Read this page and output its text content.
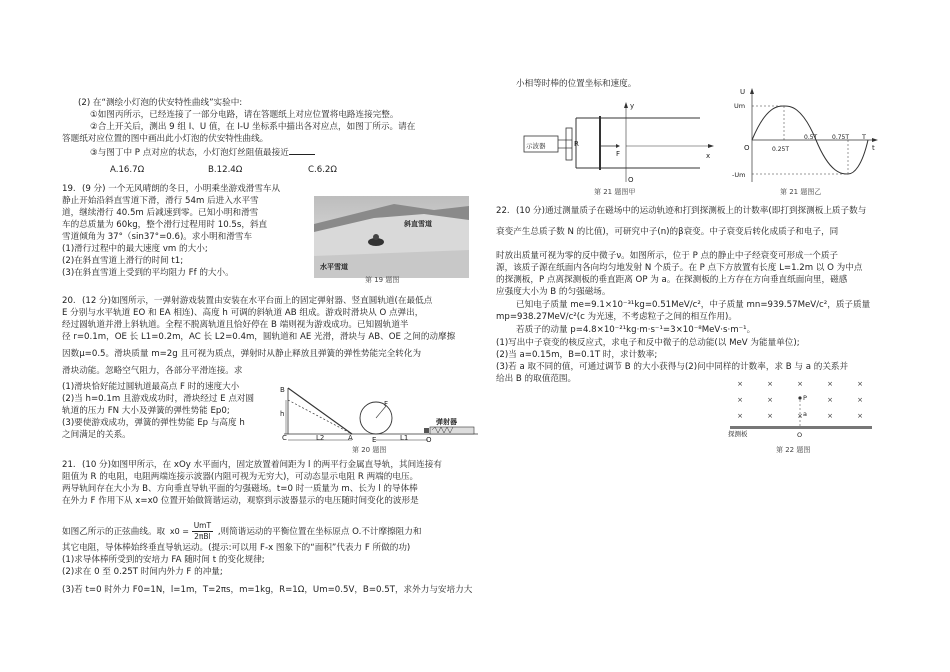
(2) 在“测绘小灯泡的伏安特性曲线”实验中:
①如图丙所示，已经连接了一部分电路，请在答题纸上对应位置将电路连接完整。
②合上开关后，测出 9 组 I、U 值，在 I-U 坐标系中描出各对应点，如图丁所示。请在
答题纸对应位置的图中画出此小灯泡的伏安特性曲线。
③与图丁中 P 点对应的状态，小灯泡灯丝阻值最接近
A.16.7Ω	B.12.4Ω	C.6.2Ω
19. (9 分) 一个无风晴朗的冬日，小明乘坐游戏滑雪车从
静止开始沿斜直雪道下滑，滑行 54m 后进入水平雪
道，继续滑行 40.5m 后减速到零。已知小明和滑雪
车的总质量为 60kg，整个滑行过程用时 10.5s，斜直
雪道倾角为 37°（sin37°=0.6)。求小明和滑雪车
(1)滑行过程中的最大速度 vm 的大小;
(2)在斜直雪道上滑行的时间 t1;
(3)在斜直雪道上受到的平均阻力 Ff 的大小。
斜直雪道
水平雪道
第 19 题图
20. (12 分)如图所示，一弹射游戏装置由安装在水平台面上的固定弹射器、竖直圆轨道(在最低点
E 分别与水平轨道 EO 和 EA 相连)、高度 h 可调的斜轨道 AB 组成。游戏时滑块从 O 点弹出，
经过圆轨道并滑上斜轨道。全程不脱离轨道且恰好停在 B 端则视为游戏成功。已知圆轨道半
径 r=0.1m，OE 长 L1=0.2m，AC 长 L2=0.4m，圆轨道和 AE 光滑，滑块与 AB、OE 之间的动摩擦
因数μ=0.5。滑块质量 m=2g 且可视为质点，弹射时从静止释放且弹簧的弹性势能完全转化为
滑块动能。忽略空气阻力，各部分平滑连接。求
(1)滑块恰好能过圆轨道最高点 F 时的速度大小
(2)当 h=0.1m 且游戏成功时，滑块经过 E 点对圆
轨道的压力 FN 大小及弹簧的弹性势能 Ep0;
(3)要使游戏成功，弹簧的弹性势能 Ep 与高度 h
之间满足的关系。
B
h
C	L2	A	E	L1	O
F
弹射器
第 20 题图
21. (10 分)如图甲所示，在 xOy 水平面内，固定放置着间距为 l 的两平行金属直导轨，其间连接有
阻值为 R 的电阻，电阻两端连接示波器(内阻可视为无穷大)，可动态显示电阻 R 两端的电压。
两导轨间存在大小为 B、方向垂直导轨平面的匀强磁场。t=0 时一质量为 m、长为 l 的导体棒
在外力 F 作用下从 x=x0 位置开始做简谐运动，观察到示波器显示的电压随时间变化的波形是
如图乙所示的正弦曲线。取 x0 =
UmT
2πBl ,则简谐运动的平衡位置在坐标原点 O.不计摩擦阻力和
其它电阻，导体棒始终垂直导轨运动。(提示:可以用 F-x 图象下的“面积”代表力 F 所做的功)
(1)求导体棒所受到的安培力 FA 随时间 t 的变化规律;
(2)求在 0 至 0.25T 时间内外力 F 的冲量;
(3)若 t=0 时外力 F0=1N，l=1m，T=2πs，m=1kg，R=1Ω，Um=0.5V，B=0.5T，求外力与安培力大
小相等时棒的位置坐标和速度。
示波器	R
F
y
x
O
第 21 题图甲
U
Um
-Um
O	0.25T
0.5T 0.75T T
t
第 21 题图乙
22. (10 分)通过测量质子在磁场中的运动轨迹和打到探测板上的计数率(即打到探测板上质子数与
衰变产生总质子数 N 的比值)，可研究中子(n)的β衰变。中子衰变后转化成质子和电子，同
时放出质量可视为零的反中微子ν。如图所示，位于 P 点的静止中子经衰变可形成一个质子
源，该质子源在纸面内各向均匀地发射 N 个质子。在 P 点下方放置有长度 L=1.2m 以 O 为中点
的探测板，P 点离探测板的垂直距离 OP 为 a。在探测板的上方存在方向垂直纸面向里，磁感
应强度大小为 B 的匀强磁场。
已知电子质量 me=9.1×10⁻³¹kg=0.51MeV/c²，中子质量 mn=939.57MeV/c²，质子质量
mp=938.27MeV/c²(c 为光速，不考虑粒子之间的相互作用)。
若质子的动量 p=4.8×10⁻²¹kg·m·s⁻¹=3×10⁻⁸MeV·s·m⁻¹。
(1)写出中子衰变的核反应式，求电子和反中微子的总动能(以 MeV 为能量单位);
(2)当 a=0.15m，B=0.1T 时，求计数率;
(3)若 a 取不同的值，可通过调节 B 的大小获得与(2)问中同样的计数率，求 B 与 a 的关系并
给出 B 的取值范围。	×	×	×	×	×
×	×	×	×
×	×	×	×	×
P
a
O
探测板
第 22 题图
